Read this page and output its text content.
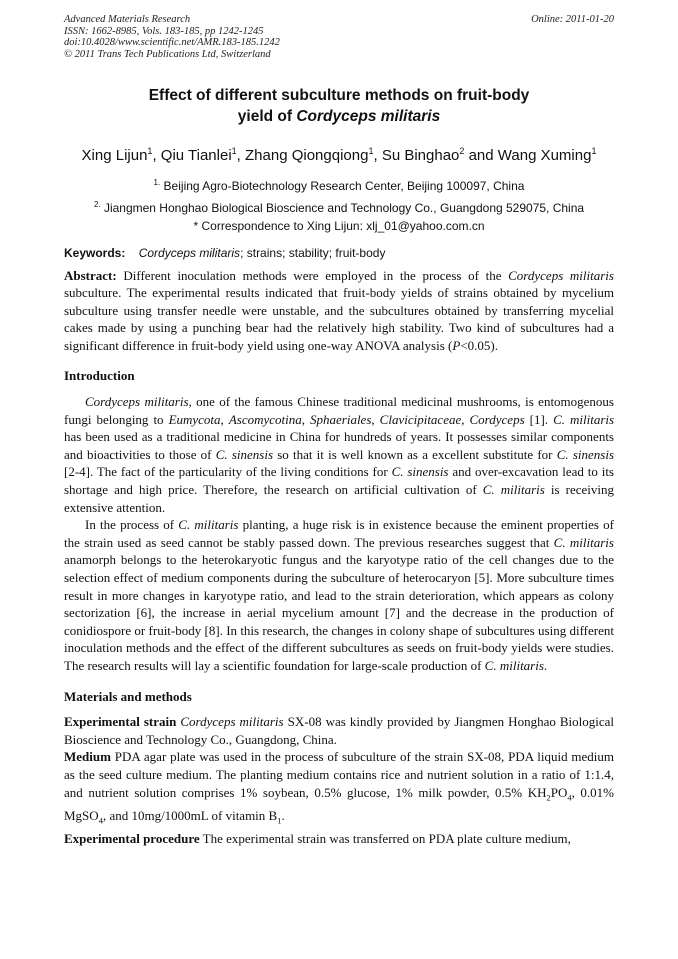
Advanced Materials Research
ISSN: 1662-8985, Vols. 183-185, pp 1242-1245
doi:10.4028/www.scientific.net/AMR.183-185.1242
© 2011 Trans Tech Publications Ltd, Switzerland
Online: 2011-01-20
Effect of different subculture methods on fruit-body
yield of Cordyceps militaris
Xing Lijun$^1$, Qiu Tianlei$^1$, Zhang Qiongqiong$^1$, Su Binghao$^2$ and Wang Xuming$^1$
$^{1.}$ Beijing Agro-Biotechnology Research Center, Beijing 100097, China
$^{2.}$ Jiangmen Honghao Biological Bioscience and Technology Co., Guangdong 529075, China
* Correspondence to Xing Lijun: xlj_01@yahoo.com.cn
Keywords: Cordyceps militaris; strains; stability; fruit-body

Abstract: Different inoculation methods were employed in the process of the Cordyceps militaris subculture. The experimental results indicated that fruit-body yields of strains obtained by mycelium subculture using transfer needle were unstable, and the subcultures obtained by transferring mycelial cakes made by using a punching bear had the relatively high stability. Two kind of subcultures had a significant difference in fruit-body yield using one-way ANOVA analysis (P<0.05).

Introduction

Cordyceps militaris, one of the famous Chinese traditional medicinal mushrooms, is entomogenous fungi belonging to Eumycota, Ascomycotina, Sphaeriales, Clavicipitaceae, Cordyceps [1]. C. militaris has been used as a traditional medicine in China for hundreds of years. It possesses similar components and bioactivities to those of C. sinensis so that it is well known as a excellent substitute for C. sinensis [2-4]. The fact of the particularity of the living conditions for C. sinensis and over-excavation lead to its shortage and high price. Therefore, the research on artificial cultivation of C. militaris is receiving extensive attention.

In the process of C. militaris planting, a huge risk is in existence because the eminent properties of the strain used as seed cannot be stably passed down. The previous researches suggest that C. militaris anamorph belongs to the heterokaryotic fungus and the karyotype ratio of the cell changes due to the selection effect of medium components during the subculture of heterocaryon [5]. More subculture times result in more changes in karyotype ratio, and lead to the strain deterioration, which appears as colony sectorization [6], the increase in aerial mycelium amount [7] and the decrease in the production of conidiospore or fruit-body [8]. In this research, the changes in colony shape of subcultures using different inoculation methods and the effect of the different subcultures as seeds on fruit-body yields were studies. The research results will lay a scientific foundation for large-scale production of C. militaris.

Materials and methods

Experimental strain Cordyceps militaris SX-08 was kindly provided by Jiangmen Honghao Biological Bioscience and Technology Co., Guangdong, China.

Medium PDA agar plate was used in the process of subculture of the strain SX-08, PDA liquid medium as the seed culture medium. The planting medium contains rice and nutrient solution in a ratio of 1:1.4, and nutrient solution comprises 1% soybean, 0.5% glucose, 1% milk powder, 0.5% $KH_2PO_4$, 0.01% MgSO$_4$, and 10mg/1000mL of vitamin $B_1$.

Experimental procedure The experimental strain was transferred on PDA plate culture medium,
